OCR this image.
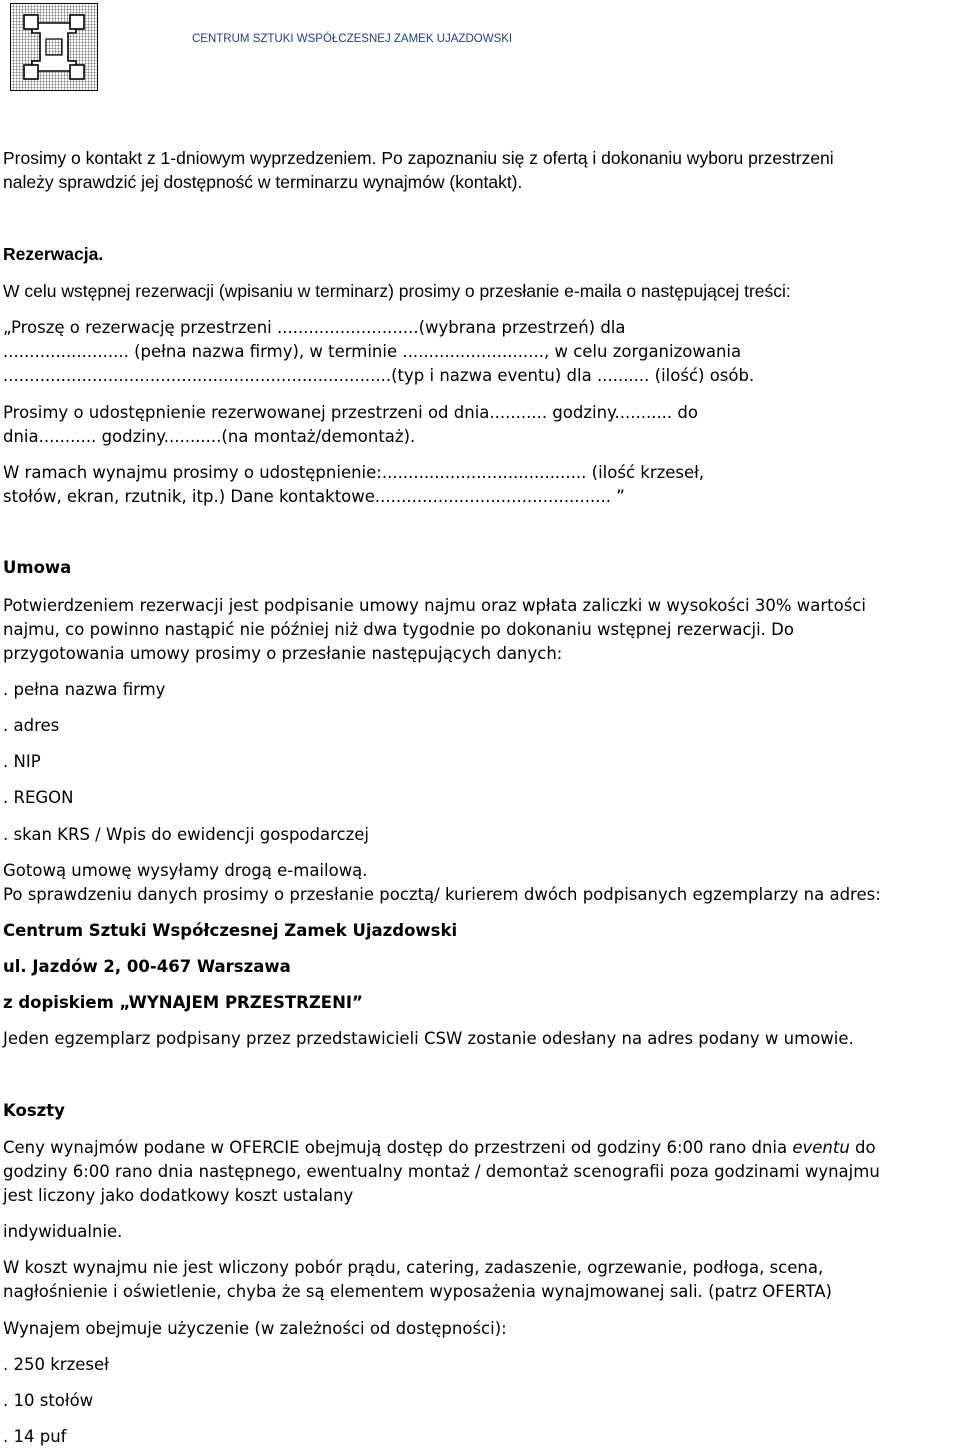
CENTRUM SZTUKI WSPÓŁCZESNEJ ZAMEK UJAZDOWSKI
Prosimy o kontakt z 1-dniowym wyprzedzeniem. Po zapoznaniu się z ofertą i dokonaniu wyboru przestrzeni
należy sprawdzić jej dostępność w terminarzu wynajmów (kontakt).
Rezerwacja.
W celu wstępnej rezerwacji (wpisaniu w terminarz) prosimy o przesłanie e-maila o następującej treści:
„Proszę o rezerwację przestrzeni ...........................(wybrana przestrzeń) dla
........................ (pełna nazwa firmy), w terminie ..........................., w celu zorganizowania
..........................................................................(typ i nazwa eventu) dla .......... (ilość) osób.
Prosimy o udostępnienie rezerwowanej przestrzeni od dnia........... godziny........... do
dnia........... godziny...........(na montaż/demontaż).
W ramach wynajmu prosimy o udostępnienie:....................................... (ilość krzeseł,
stołów, ekran, rzutnik, itp.) Dane kontaktowe............................................. ”
Umowa
Potwierdzeniem rezerwacji jest podpisanie umowy najmu oraz wpłata zaliczki w wysokości 30% wartości
najmu, co powinno nastąpić nie później niż dwa tygodnie po dokonaniu wstępnej rezerwacji. Do
przygotowania umowy prosimy o przesłanie następujących danych:
. pełna nazwa firmy
. adres
. NIP
. REGON
. skan KRS / Wpis do ewidencji gospodarczej
Gotową umowę wysyłamy drogą e-mailową.
Po sprawdzeniu danych prosimy o przesłanie pocztą/ kurierem dwóch podpisanych egzemplarzy na adres:
Centrum Sztuki Współczesnej Zamek Ujazdowski
ul. Jazdów 2, 00-467 Warszawa
z dopiskiem „WYNAJEM PRZESTRZENI”
Jeden egzemplarz podpisany przez przedstawicieli CSW zostanie odesłany na adres podany w umowie.
Koszty
Ceny wynajmów podane w OFERCIE obejmują dostęp do przestrzeni od godziny 6:00 rano dnia eventu do
godziny 6:00 rano dnia następnego, ewentualny montaż / demontaż scenografii poza godzinami wynajmu
jest liczony jako dodatkowy koszt ustalany
indywidualnie.
W koszt wynajmu nie jest wliczony pobór prądu, catering, zadaszenie, ogrzewanie, podłoga, scena,
nagłośnienie i oświetlenie, chyba że są elementem wyposażenia wynajmowanej sali. (patrz OFERTA)
Wynajem obejmuje użyczenie (w zależności od dostępności):
. 250 krzeseł
. 10 stołów
. 14 puf
